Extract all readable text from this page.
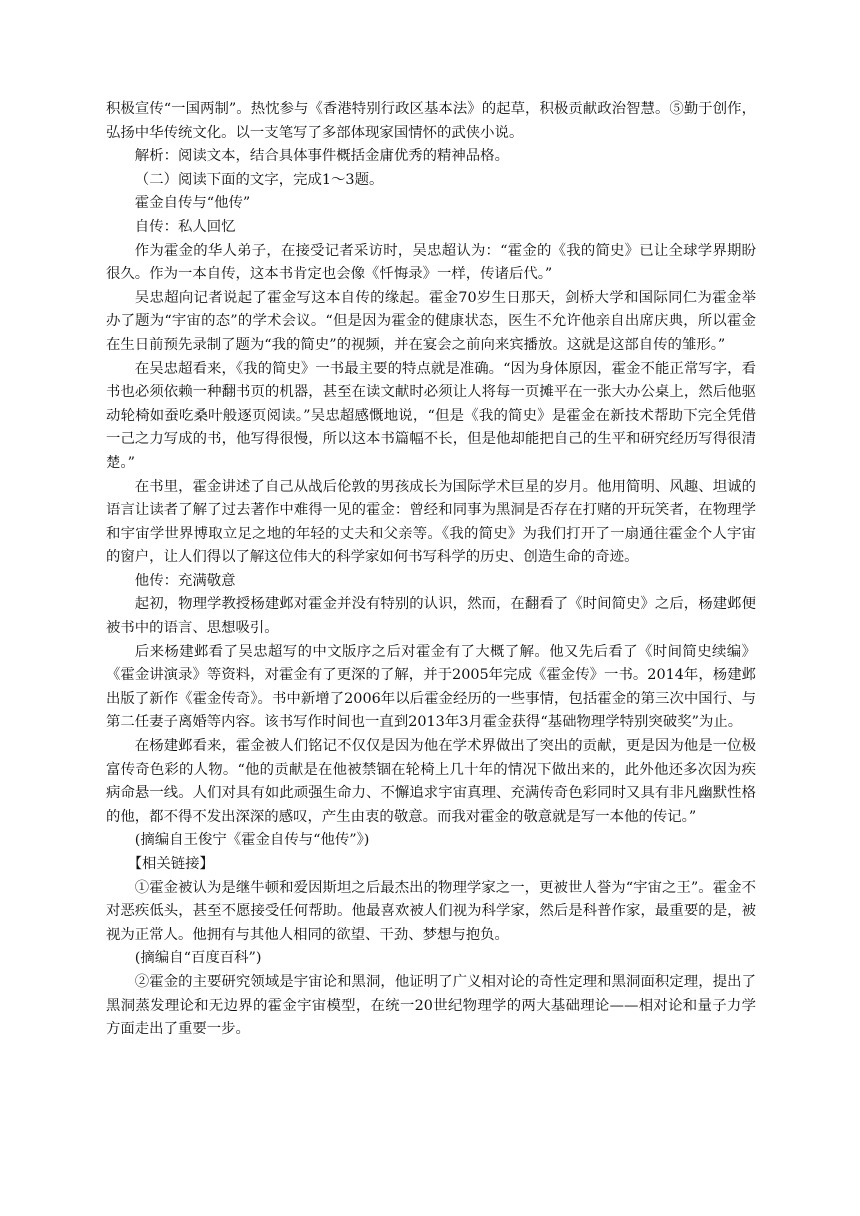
积极宣传“一国两制”。热忱参与《香港特别行政区基本法》的起草，积极贡献政治智慧。⑤勤于创作，弘扬中华传统文化。以一支笔写了多部体现家国情怀的武侠小说。

解析：阅读文本，结合具体事件概括金庸优秀的精神品格。

（二）阅读下面的文字，完成1～3题。

霍金自传与“他传”

自传：私人回忆

作为霍金的华人弟子，在接受记者采访时，吴忠超认为：“霍金的《我的简史》已让全球学界期盼很久。作为一本自传，这本书肯定也会像《忏悔录》一样，传诸后代。”

吴忠超向记者说起了霍金写这本自传的缘起。霍金70岁生日那天，剑桥大学和国际同仁为霍金举办了题为“宇宙的态”的学术会议。“但是因为霍金的健康状态，医生不允许他亲自出席庆典，所以霍金在生日前预先录制了题为“我的简史”的视频，并在宴会之前向来宾播放。这就是这部自传的雏形。”

在吴忠超看来，《我的简史》一书最主要的特点就是准确。“因为身体原因，霍金不能正常写字，看书也必须依赖一种翻书页的机器，甚至在读文献时必须让人将每一页摊平在一张大办公桌上，然后他驱动轮椅如蚕吃桑叶般逐页阅读。”吴忠超感慨地说，“但是《我的简史》是霍金在新技术帮助下完全凭借一己之力写成的书，他写得很慢，所以这本书篇幅不长，但是他却能把自己的生平和研究经历写得很清楚。”

在书里，霍金讲述了自己从战后伦敦的男孩成长为国际学术巨星的岁月。他用简明、风趣、坦诚的语言让读者了解了过去著作中难得一见的霍金：曾经和同事为黑洞是否存在打赌的开玩笑者，在物理学和宇宙学世界博取立足之地的年轻的丈夫和父亲等。《我的简史》为我们打开了一扇通往霍金个人宇宙的窗户，让人们得以了解这位伟大的科学家如何书写科学的历史、创造生命的奇迹。

他传：充满敬意

起初，物理学教授杨建邺对霍金并没有特别的认识，然而，在翻看了《时间简史》之后，杨建邺便被书中的语言、思想吸引。

后来杨建邺看了吴忠超写的中文版序之后对霍金有了大概了解。他又先后看了《时间简史续编》《霍金讲演录》等资料，对霍金有了更深的了解，并于2005年完成《霍金传》一书。2014年，杨建邺出版了新作《霍金传奇》。书中新增了2006年以后霍金经历的一些事情，包括霍金的第三次中国行、与第二任妻子离婚等内容。该书写作时间也一直到2013年3月霍金获得“基础物理学特别突破奖”为止。

在杨建邺看来，霍金被人们铭记不仅仅是因为他在学术界做出了突出的贡献，更是因为他是一位极富传奇色彩的人物。“他的贡献是在他被禁锢在轮椅上几十年的情况下做出来的，此外他还多次因为疾病命悬一线。人们对具有如此顽强生命力、不懈追求宇宙真理、充满传奇色彩同时又具有非凡幽默性格的他，都不得不发出深深的感叹，产生由衷的敬意。而我对霍金的敬意就是写一本他的传记。”

(摘编自王俊宁《霍金自传与“他传”》)

【相关链接】

①霍金被认为是继牛顿和爱因斯坦之后最杰出的物理学家之一，更被世人誉为“宇宙之王”。霍金不对恶疾低头，甚至不愿接受任何帮助。他最喜欢被人们视为科学家，然后是科普作家，最重要的是，被视为正常人。他拥有与其他人相同的欲望、干劲、梦想与抱负。

(摘编自“百度百科”)

②霍金的主要研究领域是宇宙论和黑洞，他证明了广义相对论的奇性定理和黑洞面积定理，提出了黑洞蒸发理论和无边界的霍金宇宙模型，在统一20世纪物理学的两大基础理论——相对论和量子力学方面走出了重要一步。
